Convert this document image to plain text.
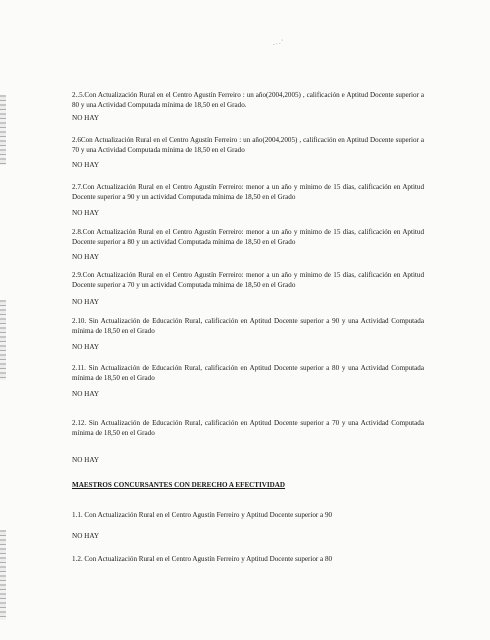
. . . '
2..5.Con Actualización Rural en el Centro Agustín Ferreiro : un año(2004,2005) , calificación e Aptitud Docente superior a 80 y una Actividad Computada mínima de 18,50 en el Grado.
NO HAY
2.6Con Actualización Rural en el Centro Agustín Ferreiro : un año(2004,2005) , calificación en Aptitud Docente superior a 70 y una Actividad Computada mínima de 18,50 en el Grado
NO HAY
2.7.Con Actualización Rural en el Centro Agustín Ferreiro: menor a un año y mínimo de 15 días, calificación en Aptitud Docente superior a 90 y un actividad Computada mínima de 18,50 en el Grado
NO HAY
2.8.Con Actualización Rural en el Centro Agustín Ferreiro: menor a un año y mínimo de 15 días, calificación en Aptitud Docente superior a 80 y un actividad Computada mínima de 18,50 en el Grado
NO HAY
2.9.Con Actualización Rural en el Centro Agustín Ferreiro: menor a un año y mínimo de 15 días, calificación en Aptitud Docente superior a 70 y un actividad Computada mínima de 18,50 en el Grado
NO HAY
2.10. Sin Actualización de Educación Rural, calificación en Aptitud Docente superior a 90 y una Actividad Computada mínima de 18,50 en el Grado
NO HAY
2.11. Sin Actualización de Educación Rural, calificación en Aptitud Docente superior a 80 y una Actividad Computada mínima de 18,50 en el Grado
NO HAY
2.12. Sin Actualización de Educación Rural, calificación en Aptitud Docente superior a 70 y una Actividad Computada mínima de 18,50 en el Grado
NO HAY
MAESTROS CONCURSANTES CON DERECHO A EFECTIVIDAD
1.1. Con Actualización Rural en el Centro Agustín Ferreiro y Aptitud Docente superior a 90
NO HAY
1.2. Con Actualización Rural en el Centro Agustín Ferreiro y Aptitud Docente superior a 80
